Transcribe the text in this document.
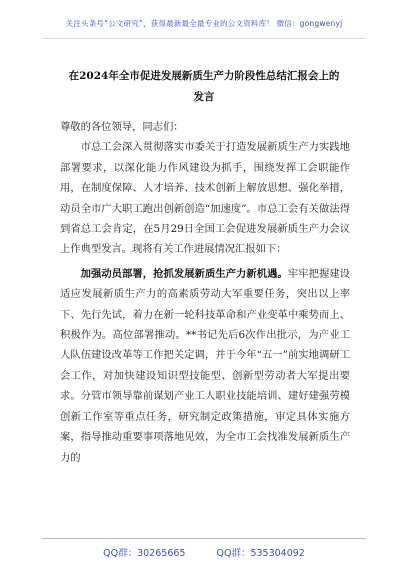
关注头条号“公文研究”，获得最新最全最专业的公文资料库！ 微信：gongwenyj
在2024年全市促进发展新质生产力阶段性总结汇报会上的
发言

尊敬的各位领导，同志们：

市总工会深入贯彻落实市委关于打造发展新质生产力实践地部署要求，以深化能力作风建设为抓手，围绕发挥工会职能作用，在制度保障、人才培养、技术创新上解放思想、强化举措，动员全市广大职工跑出创新创造“加速度”。市总工会有关做法得到省总工会肯定，在5月29日全国工会促进发展新质生产力会议上作典型发言。现将有关工作进展情况汇报如下：

加强动员部署，抢抓发展新质生产力新机遇。牢牢把握建设适应发展新质生产力的高素质劳动大军重要任务，突出以上率下、先行先试，着力在新一轮科技革命和产业变革中乘势而上、积极作为。高位部署推动。**书记先后6次作出批示，为产业工人队伍建设改革等工作把关定调，并于今年“五一”前实地调研工会工作，对加快建设知识型技能型、创新型劳动者大军提出要求。分管市领导靠前谋划产业工人职业技能培训、建好建强劳模创新工作室等重点任务，研究制定政策措施，审定具体实施方案，指导推动重要事项落地见效，为全市工会找准发展新质生产力的

QQ群：30265665	QQ群：535304092
